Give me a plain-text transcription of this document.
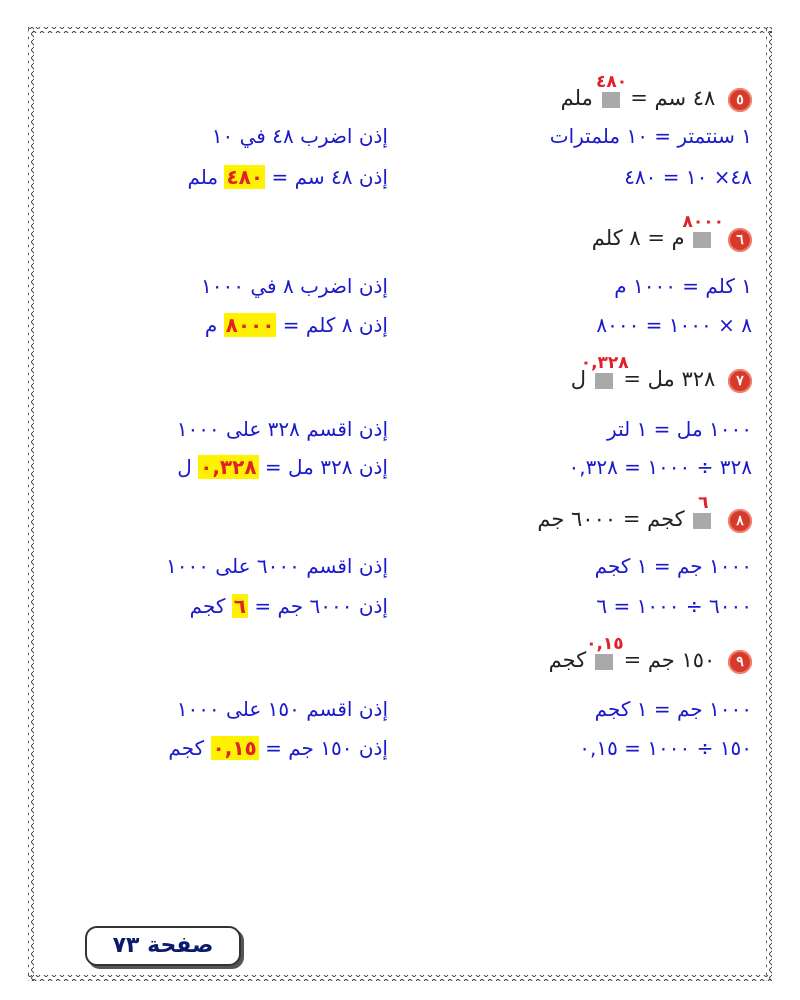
٥ ٤٨ سم =
٤٨٠
ملم
١ سنتمتر = ١٠ ملمترات
٤٨× ١٠ = ٤٨٠
إذن اضرب ٤٨ في ١٠
إذن ٤٨ سم = ٤٨٠ ملم
٦
٨٠٠٠
م = ٨ كلم
١ كلم = ١٠٠٠ م
٨ × ١٠٠٠ = ٨٠٠٠
إذن اضرب ٨ في ١٠٠٠
إذن ٨ كلم = ٨٠٠٠ م
٧ ٣٢٨ مل =
٠,٣٢٨
ل
١٠٠٠ مل = ١ لتر
٣٢٨ ÷ ١٠٠٠ = ٠,٣٢٨
إذن اقسم ٣٢٨ على ١٠٠٠
إذن ٣٢٨ مل = ٠,٣٢٨ ل
٨
٦
كجم = ٦٠٠٠ جم
١٠٠٠ جم = ١ كجم
٦٠٠٠ ÷ ١٠٠٠ = ٦
إذن اقسم ٦٠٠٠ على ١٠٠٠
إذن ٦٠٠٠ جم = ٦ كجم
٩ ١٥٠ جم =
٠,١٥
كجم
١٠٠٠ جم = ١ كجم
١٥٠ ÷ ١٠٠٠ = ٠,١٥
إذن اقسم ١٥٠ على ١٠٠٠
إذن ١٥٠ جم = ٠,١٥ كجم
صفحة ٧٣
